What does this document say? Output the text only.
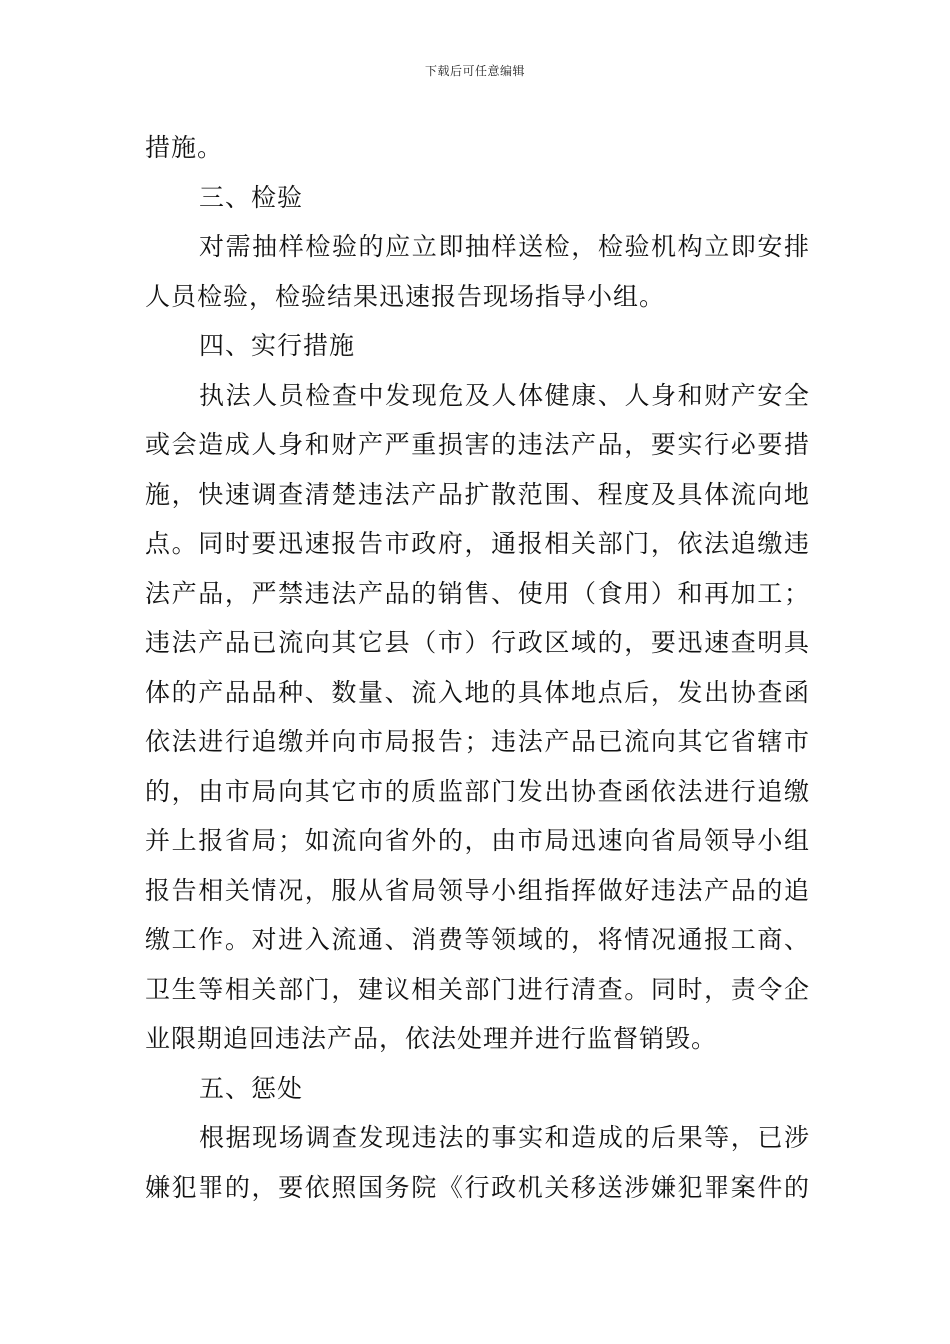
下载后可任意编辑
措施。
三、检验
对需抽样检验的应立即抽样送检，检验机构立即安排
人员检验，检验结果迅速报告现场指导小组。
四、实行措施
执法人员检查中发现危及人体健康、人身和财产安全
或会造成人身和财产严重损害的违法产品，要实行必要措
施，快速调查清楚违法产品扩散范围、程度及具体流向地
点。同时要迅速报告市政府，通报相关部门，依法追缴违
法产品，严禁违法产品的销售、使用（食用）和再加工；
违法产品已流向其它县（市）行政区域的，要迅速查明具
体的产品品种、数量、流入地的具体地点后，发出协查函
依法进行追缴并向市局报告；违法产品已流向其它省辖市
的，由市局向其它市的质监部门发出协查函依法进行追缴
并上报省局；如流向省外的，由市局迅速向省局领导小组
报告相关情况，服从省局领导小组指挥做好违法产品的追
缴工作。对进入流通、消费等领域的，将情况通报工商、
卫生等相关部门，建议相关部门进行清查。同时，责令企
业限期追回违法产品，依法处理并进行监督销毁。
五、惩处
根据现场调查发现违法的事实和造成的后果等，已涉
嫌犯罪的，要依照国务院《行政机关移送涉嫌犯罪案件的
